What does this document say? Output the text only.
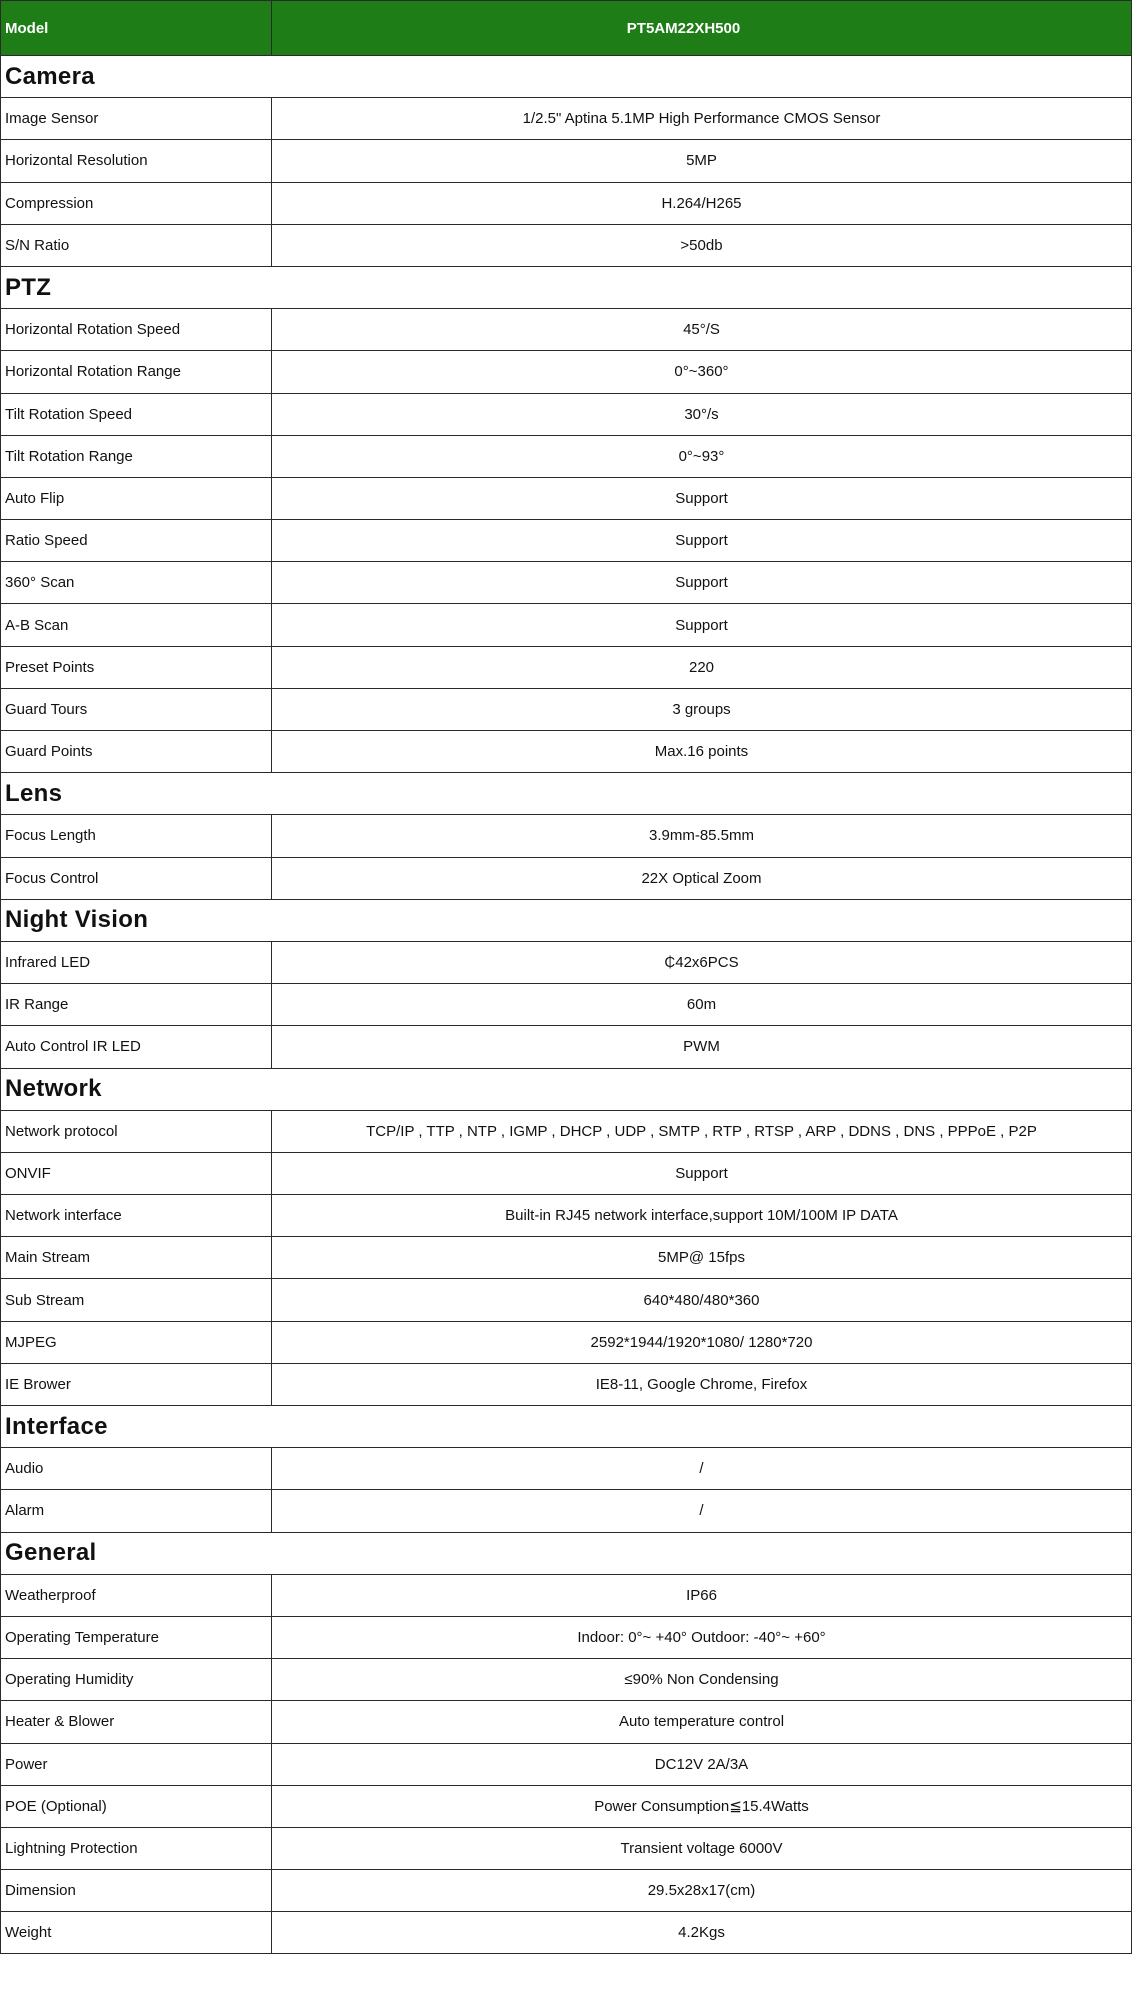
Model	PT5AM22XH500
Camera	
Image Sensor	1/2.5" Aptina 5.1MP High Performance CMOS Sensor
Horizontal Resolution	5MP
Compression	H.264/H265
S/N Ratio	>50db
PTZ	
Horizontal Rotation Speed	45°/S
Horizontal Rotation Range	0°~360°
Tilt Rotation Speed	30°/s
Tilt Rotation Range	0°~93°
Auto Flip	Support
Ratio Speed	Support
360° Scan	Support
A-B Scan	Support
Preset Points	220
Guard Tours	3 groups
Guard Points	Max.16 points
Lens	
Focus Length	3.9mm-85.5mm
Focus Control	22X Optical Zoom
Night Vision	
Infrared LED	₵42x6PCS
IR Range	60m
Auto Control IR LED	PWM
Network	
Network protocol	TCP/IP , TTP , NTP , IGMP , DHCP , UDP , SMTP , RTP , RTSP , ARP , DDNS , DNS , PPPoE , P2P
ONVIF	Support
Network interface	Built-in RJ45 network interface,support 10M/100M IP DATA
Main Stream	5MP@ 15fps
Sub Stream	640*480/480*360
MJPEG	2592*1944/1920*1080/ 1280*720
IE Brower	IE8-11, Google Chrome, Firefox
Interface	
Audio	/
Alarm	/
General	
Weatherproof	IP66
Operating Temperature	Indoor: 0°~ +40° Outdoor: -40°~ +60°
Operating Humidity	≤90% Non Condensing
Heater & Blower	Auto temperature control
Power	DC12V 2A/3A
POE (Optional)	Power Consumption≦15.4Watts
Lightning Protection	Transient voltage 6000V
Dimension	29.5x28x17(cm)
Weight	4.2Kgs
